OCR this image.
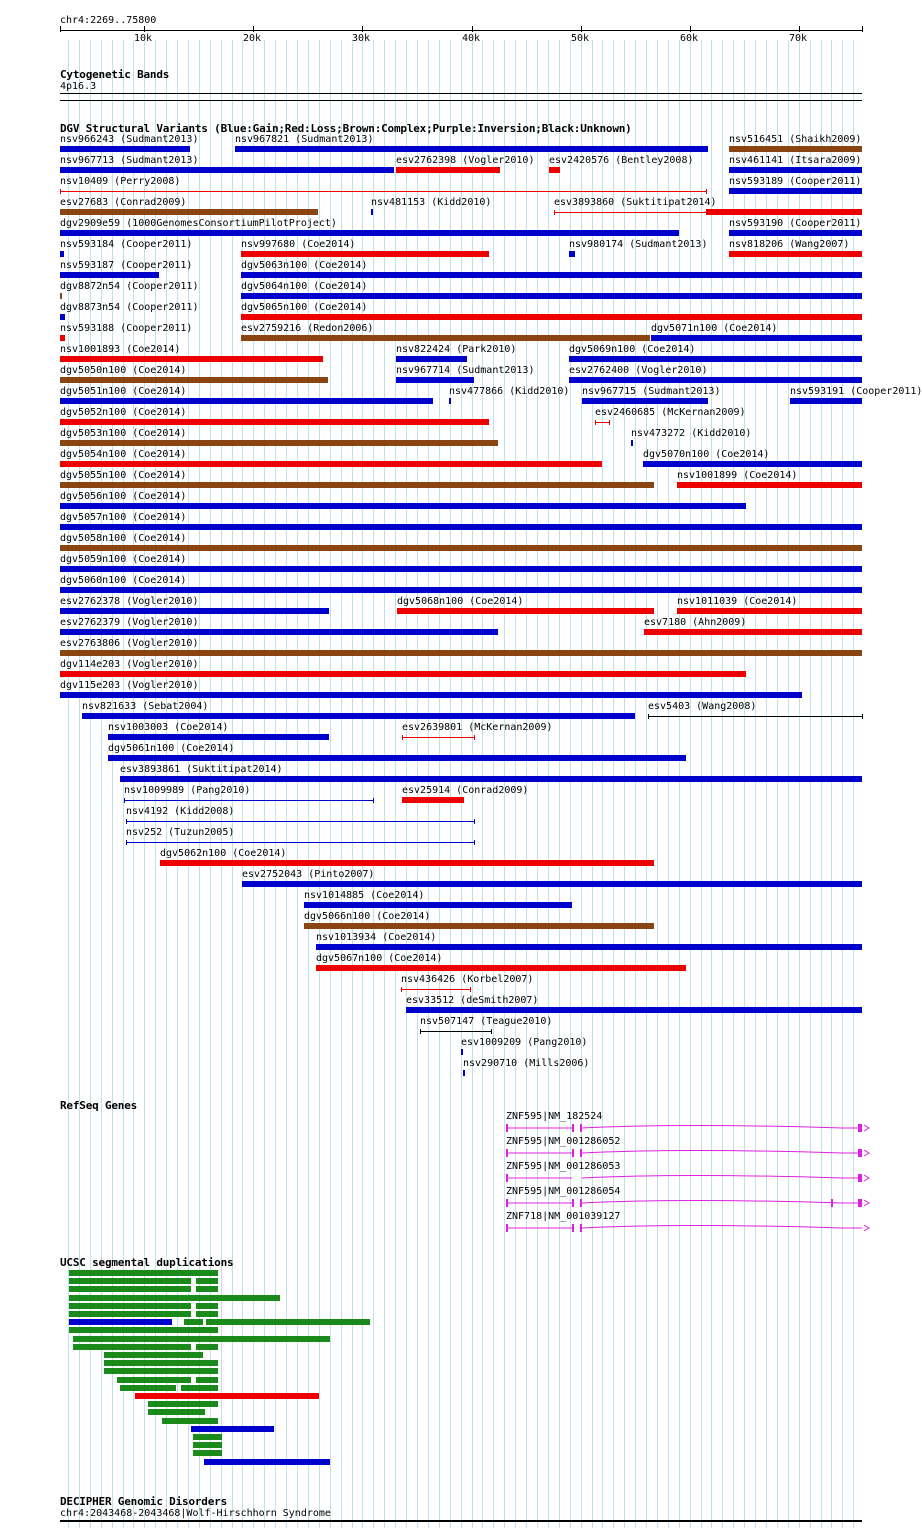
chr4:2269..75800
10k	20k	30k	40k	50k	60k	70k
Cytogenetic Bands
4p16.3
DGV Structural Variants (Blue:Gain;Red:Loss;Brown:Complex;Purple:Inversion;Black:Unknown)
nsv966243 (Sudmant2013)	nsv967821 (Sudmant2013)	nsv516451 (Shaikh2009)
nsv967713 (Sudmant2013)	esv2762398 (Vogler2010) esv2420576 (Bentley2008)	nsv461141 (Itsara2009)
nsv10409 (Perry2008)	nsv593189 (Cooper2011)
esv27683 (Conrad2009)	nsv481153 (Kidd2010)	esv3893860 (Suktitipat2014)
dgv2909e59 (1000GenomesConsortiumPilotProject)	nsv593190 (Cooper2011)
nsv593184 (Cooper2011)	nsv997680 (Coe2014)	nsv980174 (Sudmant2013) nsv818206 (Wang2007)
nsv593187 (Cooper2011)	dgv5063n100 (Coe2014)
dgv8872n54 (Cooper2011)	dgv5064n100 (Coe2014)
dgv8873n54 (Cooper2011)	dgv5065n100 (Coe2014)
nsv593188 (Cooper2011)	esv2759216 (Redon2006)	dgv5071n100 (Coe2014)
nsv1001893 (Coe2014)	nsv822424 (Park2010)	dgv5069n100 (Coe2014)
dgv5050n100 (Coe2014)	nsv967714 (Sudmant2013)	esv2762400 (Vogler2010)
dgv5051n100 (Coe2014)	nsv477866 (Kidd2010) nsv967715 (Sudmant2013)	nsv593191 (Cooper2011)
dgv5052n100 (Coe2014)	esv2460685 (McKernan2009)
dgv5053n100 (Coe2014)	nsv473272 (Kidd2010)
dgv5054n100 (Coe2014)	dgv5070n100 (Coe2014)
dgv5055n100 (Coe2014)	nsv1001899 (Coe2014)
dgv5056n100 (Coe2014)
dgv5057n100 (Coe2014)
dgv5058n100 (Coe2014)
dgv5059n100 (Coe2014)
dgv5060n100 (Coe2014)
esv2762378 (Vogler2010)	dgv5068n100 (Coe2014)	nsv1011039 (Coe2014)
esv2762379 (Vogler2010)	esv7180 (Ahn2009)
esv2763806 (Vogler2010)
dgv114e203 (Vogler2010)
dgv115e203 (Vogler2010)
nsv821633 (Sebat2004)	esv5403 (Wang2008)
nsv1003003 (Coe2014)	esv2639801 (McKernan2009)
dgv5061n100 (Coe2014)
esv3893861 (Suktitipat2014)
nsv1009989 (Pang2010)	esv25914 (Conrad2009)
nsv4192 (Kidd2008)
nsv252 (Tuzun2005)
dgv5062n100 (Coe2014)
esv2752043 (Pinto2007)
nsv1014885 (Coe2014)
dgv5066n100 (Coe2014)
nsv1013934 (Coe2014)
dgv5067n100 (Coe2014)
nsv436426 (Korbel2007)
esv33512 (deSmith2007)
nsv507147 (Teague2010)
esv1009209 (Pang2010)
nsv290710 (Mills2006)
RefSeq Genes
ZNF595|NM_182524
ZNF595|NM_001286052
ZNF595|NM_001286053
ZNF595|NM_001286054
ZNF718|NM_001039127
UCSC segmental duplications
DECIPHER Genomic Disorders
chr4:2043468-2043468|Wolf-Hirschhorn Syndrome
